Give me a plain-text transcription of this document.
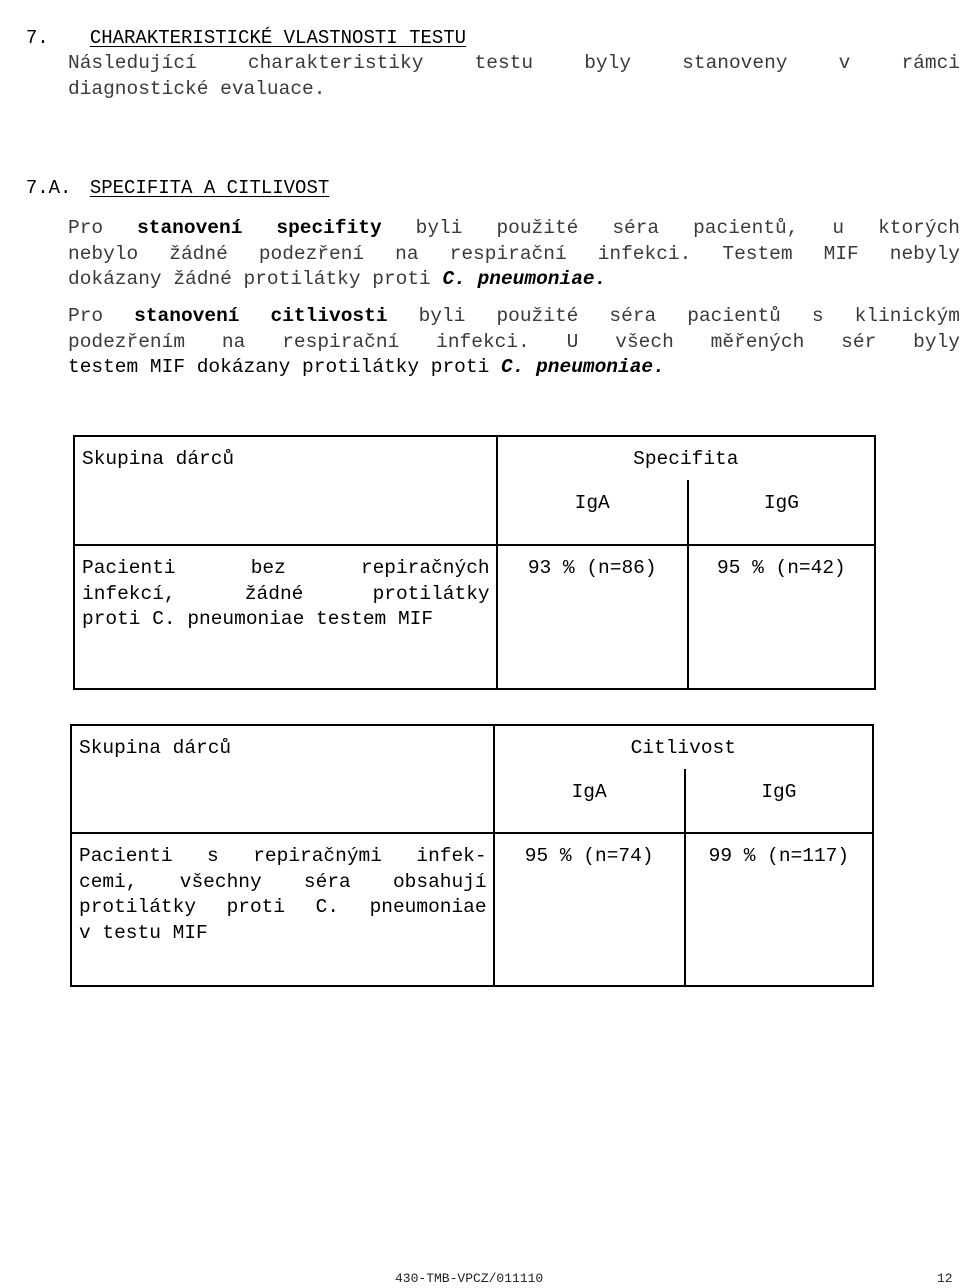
7. CHARAKTERISTICKÉ VLASTNOSTI TESTU

Následující charakteristiky testu byly stanoveny v rámci
diagnostické evaluace.

7.A. SPECIFITA A CITLIVOST

Pro stanovení specifity byli použité séra pacientů, u ktorých
nebylo žádné podezření na respirační infekci. Testem MIF nebyly
dokázany žádné protilátky proti C. pneumoniae.
Pro stanovení citlivosti byli použité séra pacientů s klinickým
podezřením na respirační infekci. U všech měřených sér byly
testem MIF dokázany protilátky proti C. pneumoniae.
Skupina dárců	Specifita	

	IgA	IgG

Pacienti bez repiračných
infekcí, žádné protilátky
proti C. pneumoniae testem MIF	93 % (n=86)	95 % (n=42)
Skupina dárců	Citlivost	

	IgA	IgG

Pacienti s repiračnými infek-
cemi, všechny séra obsahují
protilátky proti C. pneumoniae
v testu MIF	95 % (n=74)	99 % (n=117)
430-TMB-VPCZ/011110	12
